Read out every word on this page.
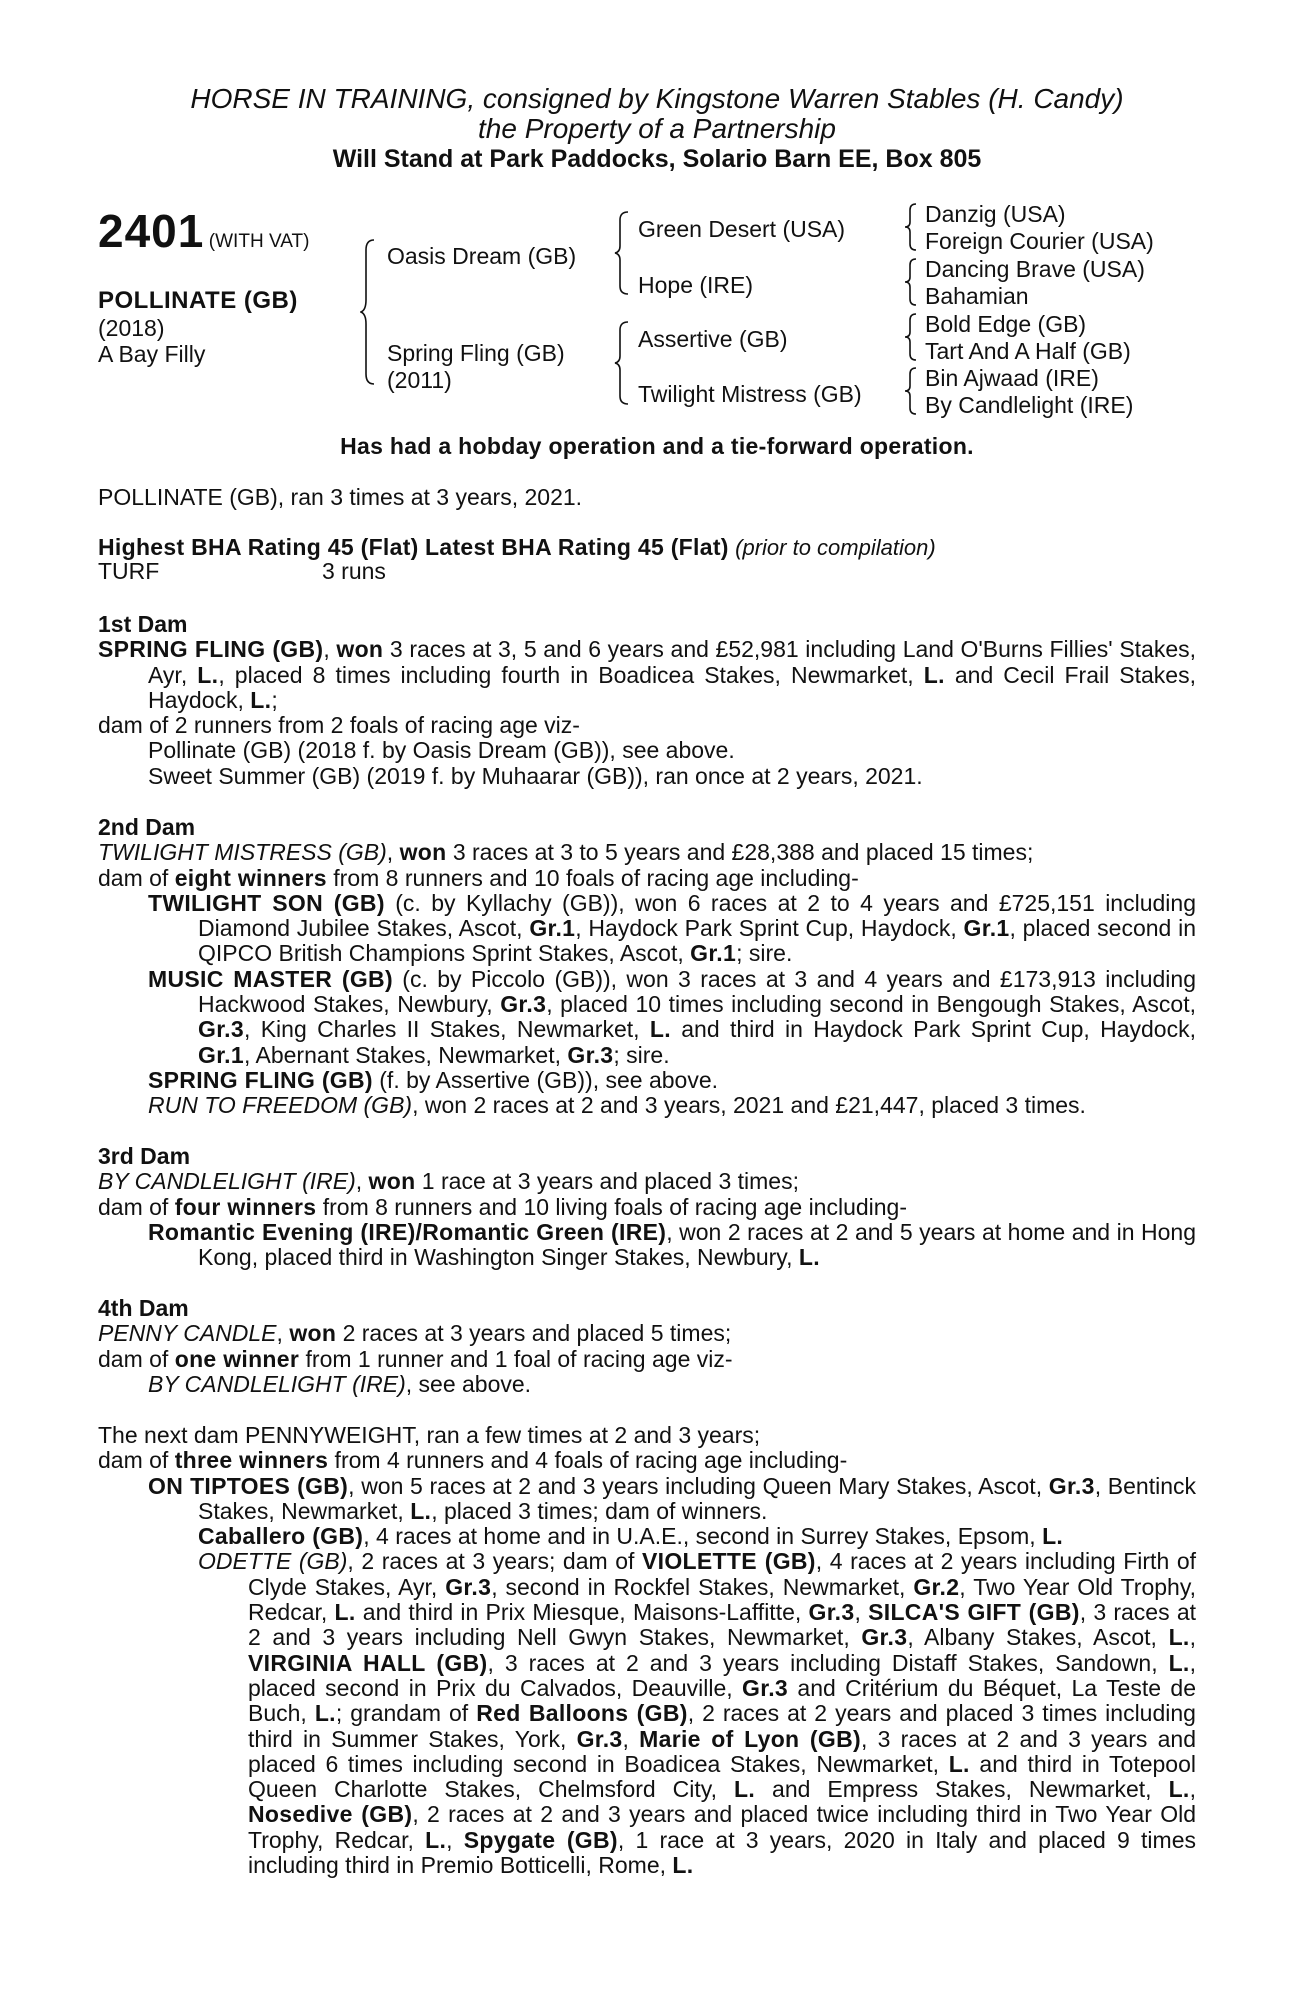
HORSE IN TRAINING, consigned by Kingstone Warren Stables (H. Candy)
the Property of a Partnership
Will Stand at Park Paddocks, Solario Barn EE, Box 805
2401 (WITH VAT)
POLLINATE (GB)
(2018)
A Bay Filly
Oasis Dream (GB)
Spring Fling (GB)
(2011)
Green Desert (USA)
Hope (IRE)
Assertive (GB)
Twilight Mistress (GB)
Danzig (USA)
Foreign Courier (USA)
Dancing Brave (USA)
Bahamian
Bold Edge (GB)
Tart And A Half (GB)
Bin Ajwaad (IRE)
By Candlelight (IRE)
Has had a hobday operation and a tie-forward operation.
POLLINATE (GB), ran 3 times at 3 years, 2021.
Highest BHA Rating 45 (Flat) Latest BHA Rating 45 (Flat) (prior to compilation)
TURF	3 runs

1st Dam

SPRING FLING (GB), won 3 races at 3, 5 and 6 years and £52,981 including Land O'Burns Fillies' Stakes, Ayr, L., placed 8 times including fourth in Boadicea Stakes, Newmarket, L. and Cecil Frail Stakes, Haydock, L.;

dam of 2 runners from 2 foals of racing age viz-

Pollinate (GB) (2018 f. by Oasis Dream (GB)), see above.

Sweet Summer (GB) (2019 f. by Muhaarar (GB)), ran once at 2 years, 2021.

2nd Dam

TWILIGHT MISTRESS (GB), won 3 races at 3 to 5 years and £28,388 and placed 15 times;

dam of eight winners from 8 runners and 10 foals of racing age including-

TWILIGHT SON (GB) (c. by Kyllachy (GB)), won 6 races at 2 to 4 years and £725,151 including Diamond Jubilee Stakes, Ascot, Gr.1, Haydock Park Sprint Cup, Haydock, Gr.1, placed second in QIPCO British Champions Sprint Stakes, Ascot, Gr.1; sire.

MUSIC MASTER (GB) (c. by Piccolo (GB)), won 3 races at 3 and 4 years and £173,913 including Hackwood Stakes, Newbury, Gr.3, placed 10 times including second in Bengough Stakes, Ascot, Gr.3, King Charles II Stakes, Newmarket, L. and third in Haydock Park Sprint Cup, Haydock, Gr.1, Abernant Stakes, Newmarket, Gr.3; sire.

SPRING FLING (GB) (f. by Assertive (GB)), see above.

RUN TO FREEDOM (GB), won 2 races at 2 and 3 years, 2021 and £21,447, placed 3 times.

3rd Dam

BY CANDLELIGHT (IRE), won 1 race at 3 years and placed 3 times;

dam of four winners from 8 runners and 10 living foals of racing age including-

Romantic Evening (IRE)/Romantic Green (IRE), won 2 races at 2 and 5 years at home and in Hong Kong, placed third in Washington Singer Stakes, Newbury, L.

4th Dam

PENNY CANDLE, won 2 races at 3 years and placed 5 times;

dam of one winner from 1 runner and 1 foal of racing age viz-

BY CANDLELIGHT (IRE), see above.

The next dam PENNYWEIGHT, ran a few times at 2 and 3 years;

dam of three winners from 4 runners and 4 foals of racing age including-

ON TIPTOES (GB), won 5 races at 2 and 3 years including Queen Mary Stakes, Ascot, Gr.3, Bentinck Stakes, Newmarket, L., placed 3 times; dam of winners.

Caballero (GB), 4 races at home and in U.A.E., second in Surrey Stakes, Epsom, L.

ODETTE (GB), 2 races at 3 years; dam of VIOLETTE (GB), 4 races at 2 years including Firth of Clyde Stakes, Ayr, Gr.3, second in Rockfel Stakes, Newmarket, Gr.2, Two Year Old Trophy, Redcar, L. and third in Prix Miesque, Maisons-Laffitte, Gr.3, SILCA'S GIFT (GB), 3 races at 2 and 3 years including Nell Gwyn Stakes, Newmarket, Gr.3, Albany Stakes, Ascot, L., VIRGINIA HALL (GB), 3 races at 2 and 3 years including Distaff Stakes, Sandown, L., placed second in Prix du Calvados, Deauville, Gr.3 and Critérium du Béquet, La Teste de Buch, L.; grandam of Red Balloons (GB), 2 races at 2 years and placed 3 times including third in Summer Stakes, York, Gr.3, Marie of Lyon (GB), 3 races at 2 and 3 years and placed 6 times including second in Boadicea Stakes, Newmarket, L. and third in Totepool Queen Charlotte Stakes, Chelmsford City, L. and Empress Stakes, Newmarket, L., Nosedive (GB), 2 races at 2 and 3 years and placed twice including third in Two Year Old Trophy, Redcar, L., Spygate (GB), 1 race at 3 years, 2020 in Italy and placed 9 times including third in Premio Botticelli, Rome, L.
